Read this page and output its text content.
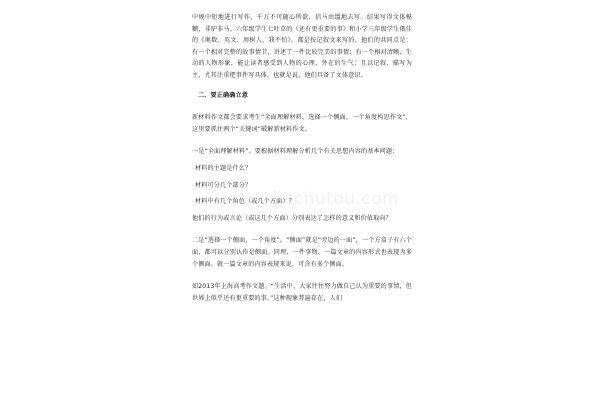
中规中矩地进行写作，千万不可随心所欲，信马由缰地去写。结果写得文体模糊，非驴非马。六年级学生七叶草的《还有更重要的事》和小学三年级学生俄佳的《奥数、英文、周树人，我不怕》，都是按记叙文来写的。他们的共同点是：有一个相对完整的故事情节，讲述了一件比较完美的事情；有一个相对清晰、生动的人物形象，能让读者感受到人物的心理、外在的生气；且以记叙、描写为主，尤其注重把事件写具体。也就是说，他们具备了文体意识。

二、要正确确立意

新材料作文都会要求考生“全面理解材料，选择一个侧面，一个角度构思作文”，这里要抓住两个“关键词”破解新材料作文。

一是“全面理解材料”。要根据材料理解分析几个有关思想内容的基本问题：

材料的主题是什么？

材料可分几个部分？

材料中有几个角色（或几个方面）？

他们的行为或言论（或这几个方面）分别表达了怎样的意义和价值取向？

二是“选择一个侧面，一个角度”。“侧面”就是“旁边的一面”，一个方盒子有六个面，都可以分别认作是侧面。同理，一件事物、一篇文章的内容形式也表现为多个侧面。就一篇文章的内容表现来说，可含有多个侧面。

如2013年上海高考作文题。“生活中，大家往往努力做自己认为重要的事情，但世界上似乎还有更重要的事。”这种现象普遍存在，人们

jinchutou.com
